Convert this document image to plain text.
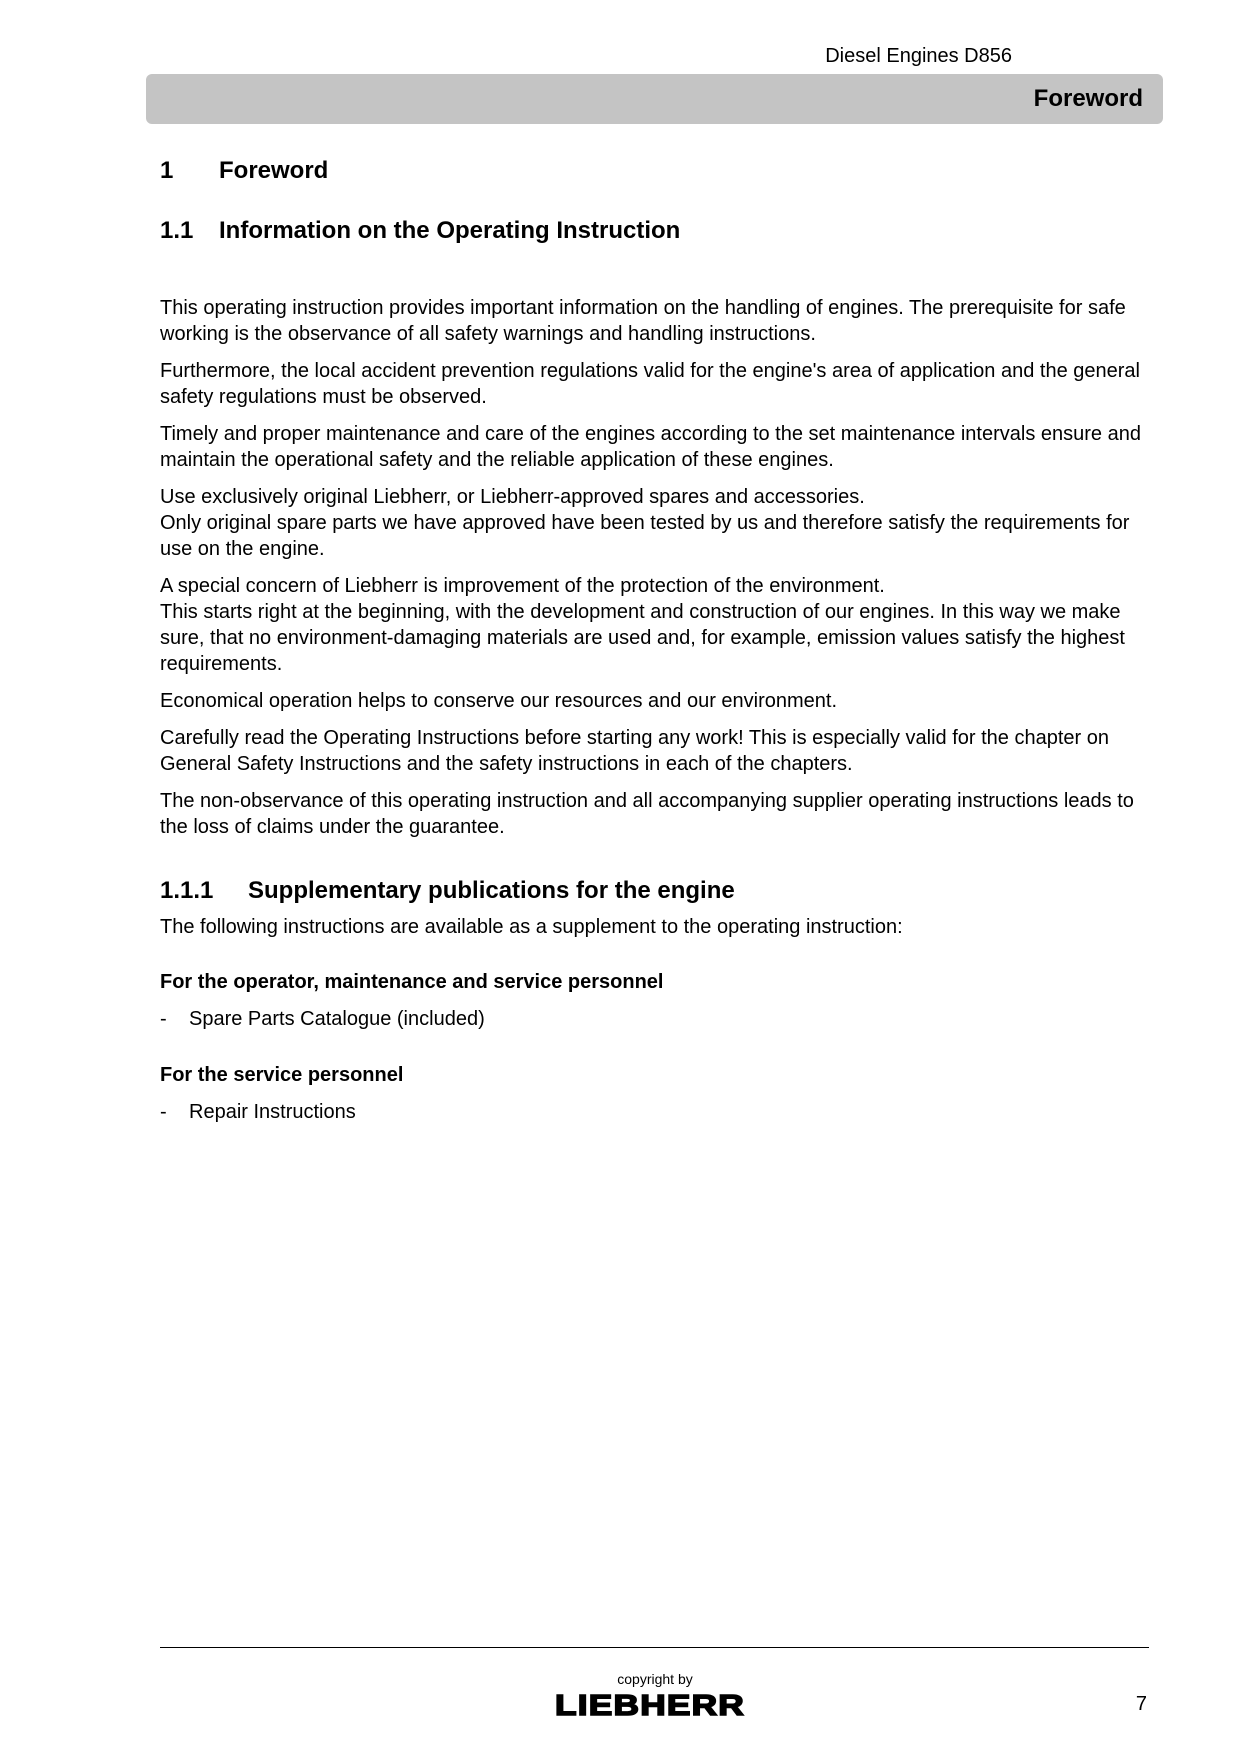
Diesel Engines D856
Foreword
1 Foreword
1.1 Information on the Operating Instruction

This operating instruction provides important information on the handling of engines. The prerequisite for safe working is the observance of all safety warnings and handling instructions.

Furthermore, the local accident prevention regulations valid for the engine's area of application and the general safety regulations must be observed.

Timely and proper maintenance and care of the engines according to the set maintenance intervals ensure and maintain the operational safety and the reliable application of these engines.

Use exclusively original Liebherr, or Liebherr-approved spares and accessories.

Only original spare parts we have approved have been tested by us and therefore satisfy the requirements for use on the engine.

A special concern of Liebherr is improvement of the protection of the environment.

This starts right at the beginning, with the development and construction of our engines. In this way we make sure, that no environment-damaging materials are used and, for example, emission values satisfy the highest requirements.

Economical operation helps to conserve our resources and our environment.

Carefully read the Operating Instructions before starting any work! This is especially valid for the chapter on General Safety Instructions and the safety instructions in each of the chapters.

The non-observance of this operating instruction and all accompanying supplier operating instructions leads to the loss of claims under the guarantee.

1.1.1 Supplementary publications for the engine

The following instructions are available as a supplement to the operating instruction:

For the operator, maintenance and service personnel

- Spare Parts Catalogue (included)

For the service personnel

- Repair Instructions
copyright by
LIEBHERR	7
